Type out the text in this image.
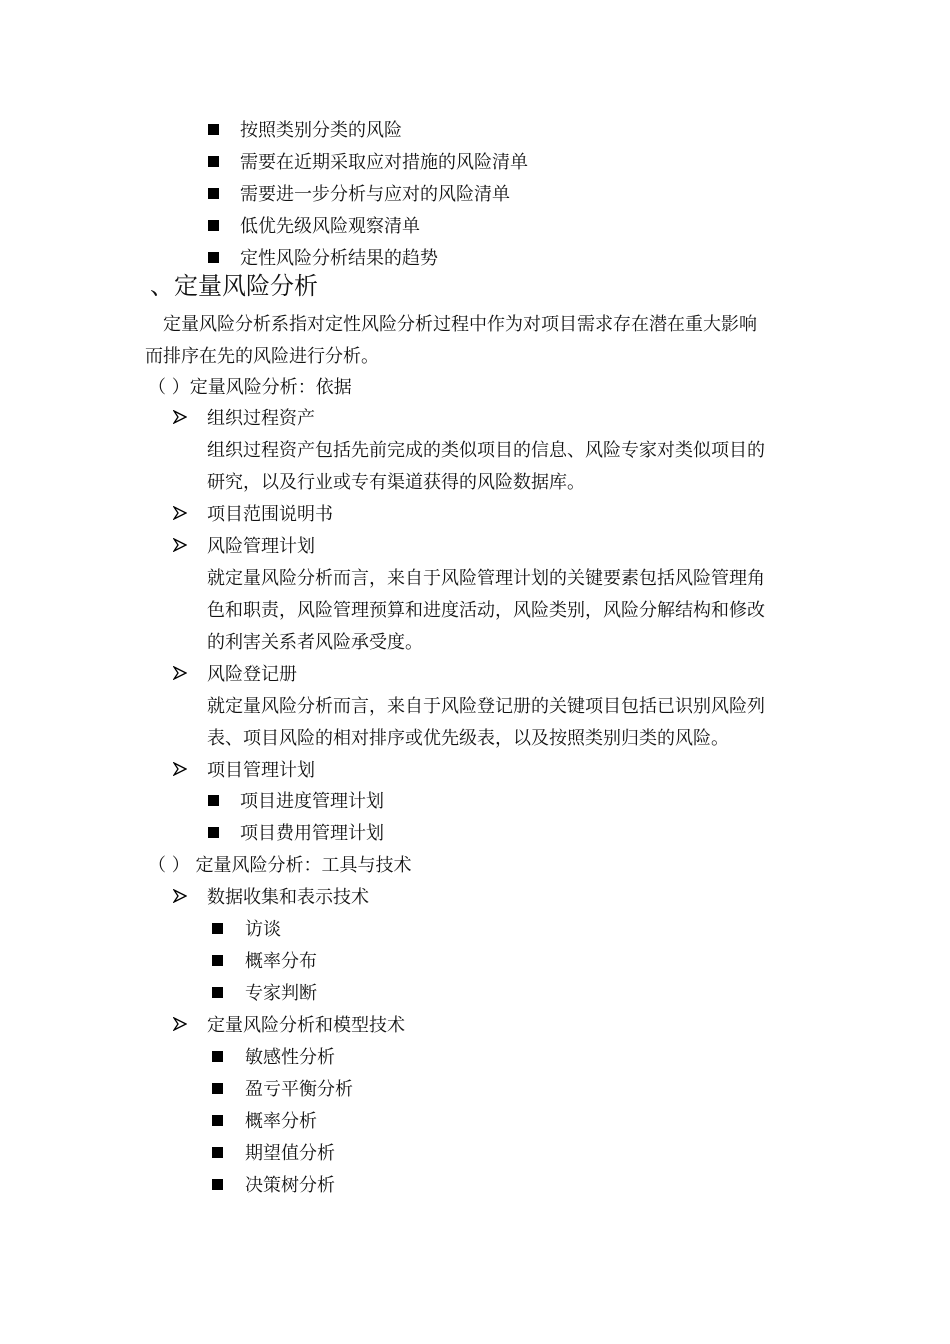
按照类别分类的风险
需要在近期采取应对措施的风险清单
需要进一步分析与应对的风险清单
低优先级风险观察清单
定性风险分析结果的趋势
、定量风险分析
定量风险分析系指对定性风险分析过程中作为对项目需求存在潜在重大影响
而排序在先的风险进行分析。
（ ）定量风险分析：依据
组织过程资产
组织过程资产包括先前完成的类似项目的信息、风险专家对类似项目的
研究，以及行业或专有渠道获得的风险数据库。
项目范围说明书
风险管理计划
就定量风险分析而言，来自于风险管理计划的关键要素包括风险管理角
色和职责，风险管理预算和进度活动，风险类别，风险分解结构和修改
的利害关系者风险承受度。
风险登记册
就定量风险分析而言，来自于风险登记册的关键项目包括已识别风险列
表、项目风险的相对排序或优先级表，以及按照类别归类的风险。
项目管理计划
项目进度管理计划
项目费用管理计划
（ ） 定量风险分析：工具与技术
数据收集和表示技术
访谈
概率分布
专家判断
定量风险分析和模型技术
敏感性分析
盈亏平衡分析
概率分析
期望值分析
决策树分析
